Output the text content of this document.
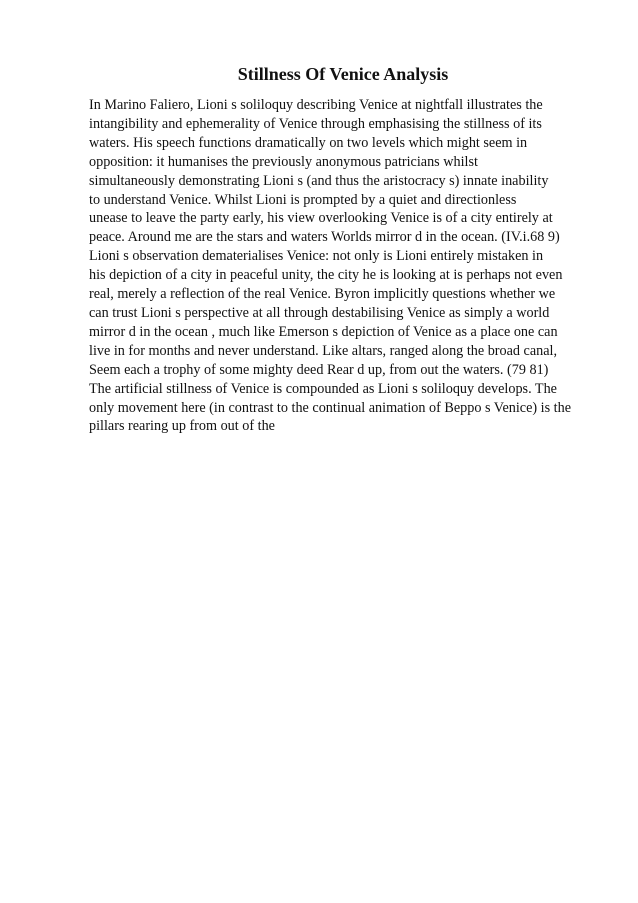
Stillness Of Venice Analysis
In Marino Faliero, Lioni s soliloquy describing Venice at nightfall illustrates the
intangibility and ephemerality of Venice through emphasising the stillness of its
waters. His speech functions dramatically on two levels which might seem in
opposition: it humanises the previously anonymous patricians whilst
simultaneously demonstrating Lioni s (and thus the aristocracy s) innate inability
to understand Venice. Whilst Lioni is prompted by a quiet and directionless
unease to leave the party early, his view overlooking Venice is of a city entirely at
peace. Around me are the stars and waters Worlds mirror d in the ocean. (IV.i.68 9)
Lioni s observation dematerialises Venice: not only is Lioni entirely mistaken in
his depiction of a city in peaceful unity, the city he is looking at is perhaps not even
real, merely a reflection of the real Venice. Byron implicitly questions whether we
can trust Lioni s perspective at all through destabilising Venice as simply a world
mirror d in the ocean , much like Emerson s depiction of Venice as a place one can
live in for months and never understand. Like altars, ranged along the broad canal,
Seem each a trophy of some mighty deed Rear d up, from out the waters. (79 81)
The artificial stillness of Venice is compounded as Lioni s soliloquy develops. The
only movement here (in contrast to the continual animation of Beppo s Venice) is the
pillars rearing up from out of the
